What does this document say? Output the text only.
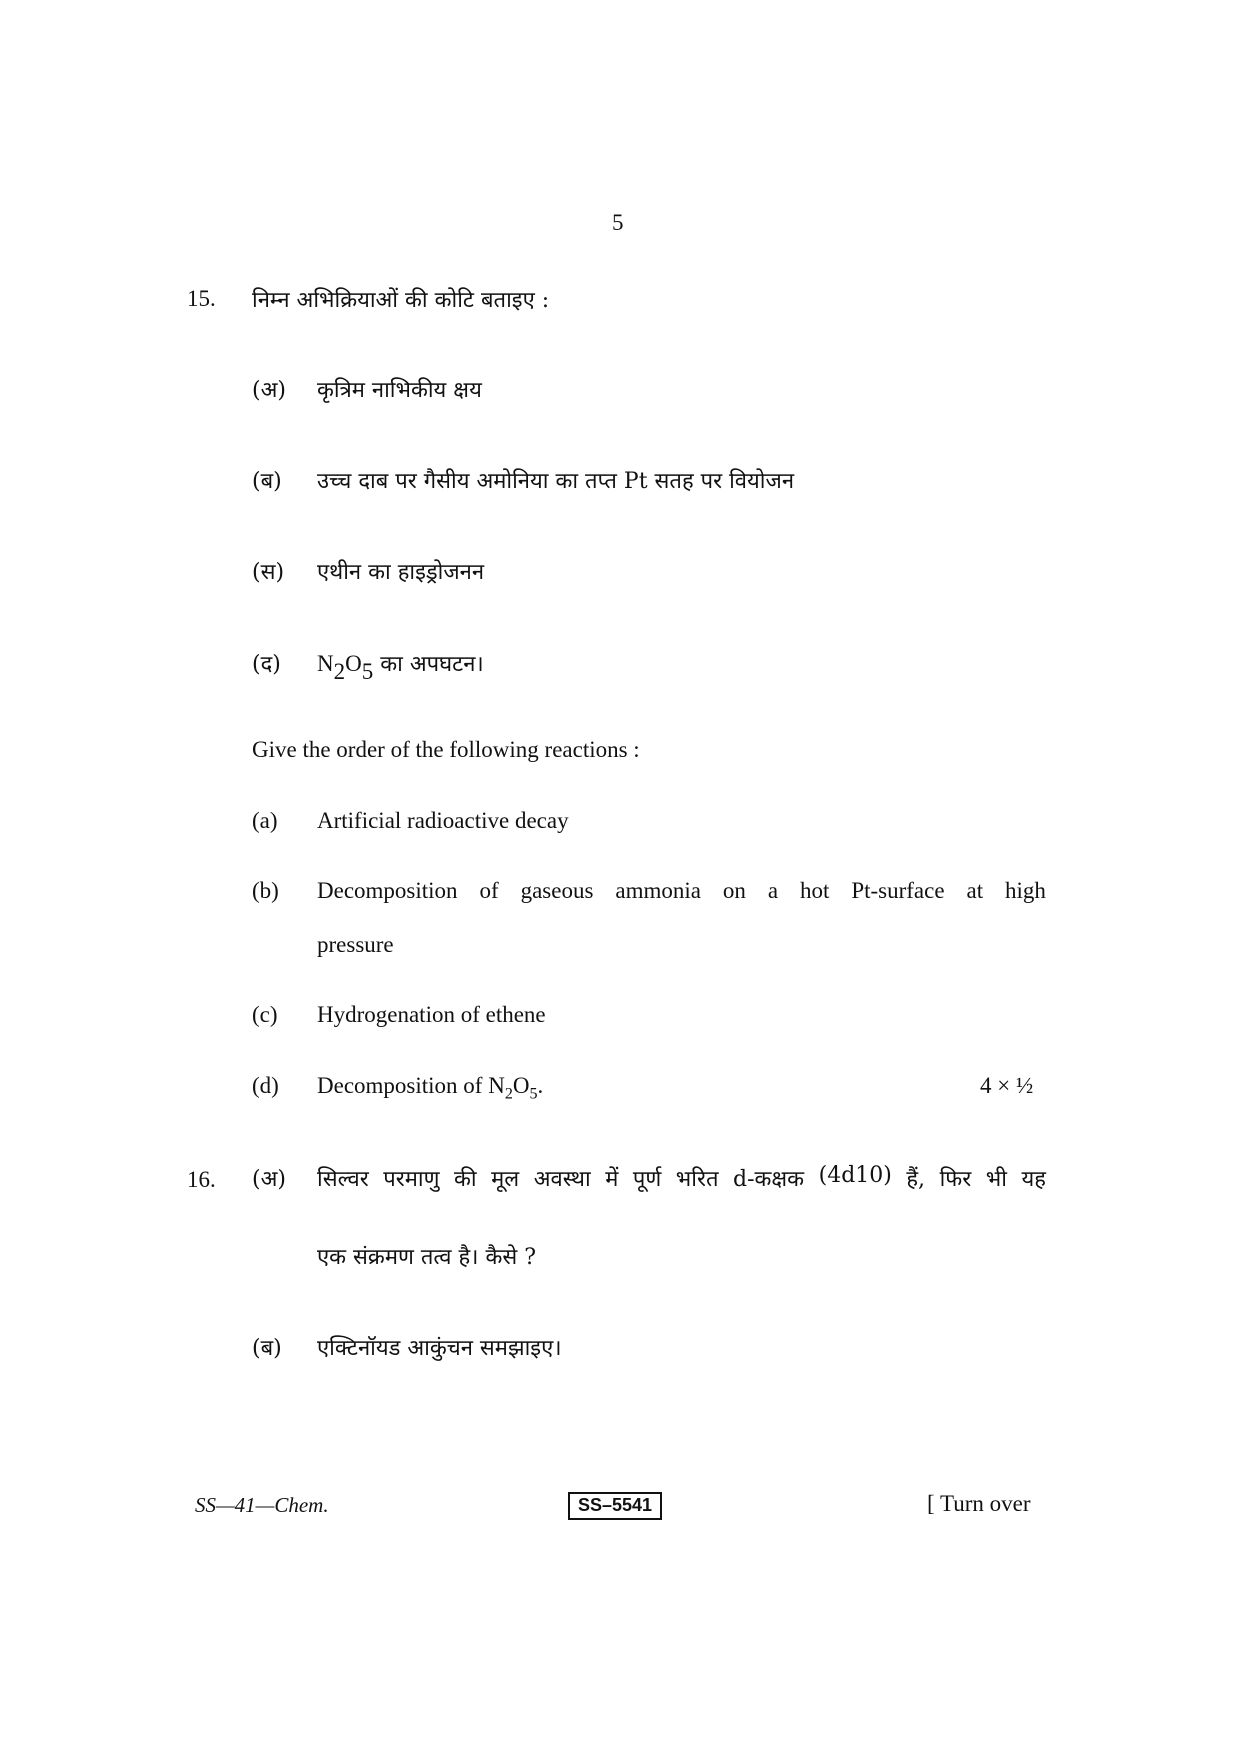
5
15. निम्न अभिक्रियाओं की कोटि बताइए :
(अ) कृत्रिम नाभिकीय क्षय
(ब) उच्च दाब पर गैसीय अमोनिया का तप्त Pt सतह पर वियोजन
(स) एथीन का हाइड्रोजनन
(द) $N_2O_5$ का अपघटन।
Give the order of the following reactions :
(a) Artificial radioactive decay
(b) Decomposition of gaseous ammonia on a hot Pt-surface at high
pressure
(c) Hydrogenation of ethene
(d) Decomposition of $N_2O_5$.	4 × ½
16. (अ) सिल्वर परमाणु की मूल अवस्था में पूर्ण भरित d-कक्षक (4d10) हैं, फिर भी यह
एक संक्रमण तत्व है। कैसे ?
(ब) एक्टिनॉयड आकुंचन समझाइए।
SS—41—Chem.	SS–5541	[ Turn over
